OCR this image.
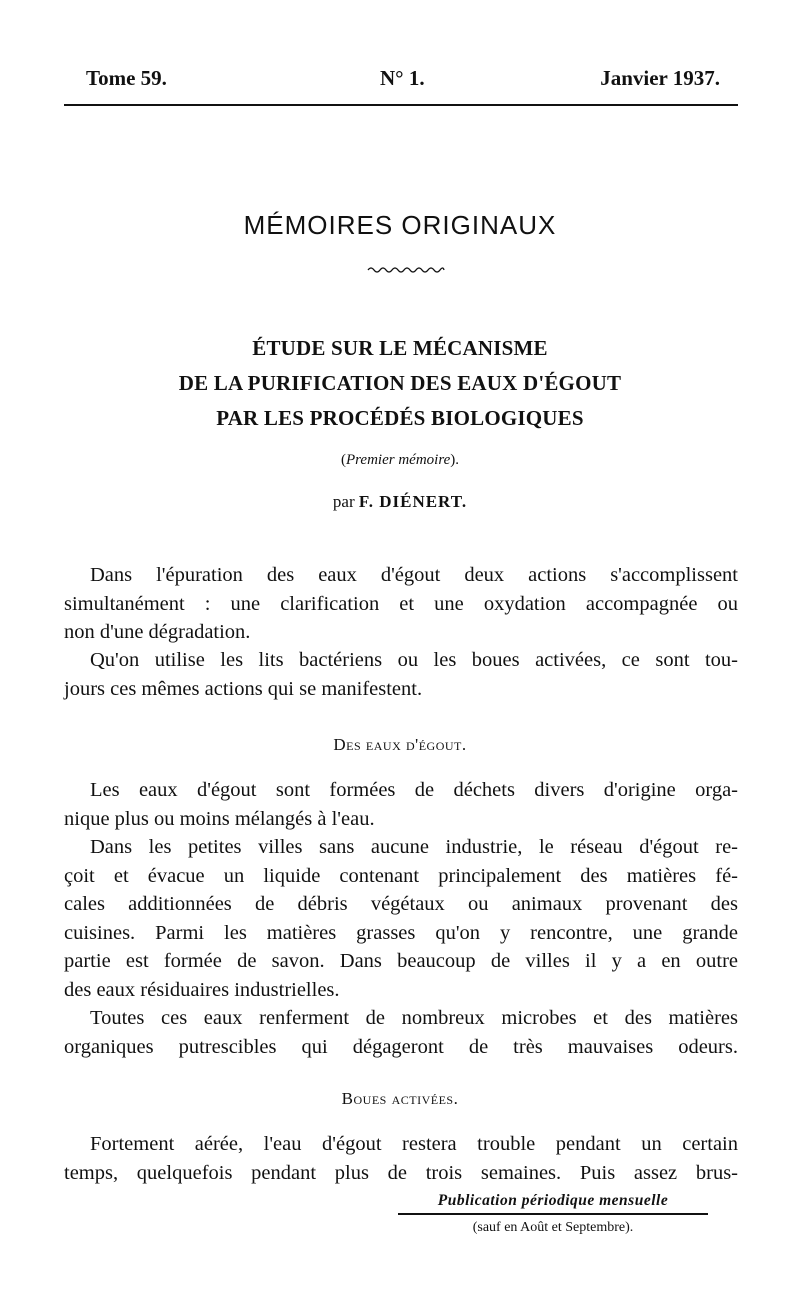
Tome 59.	N° 1.	Janvier 1937.
MÉMOIRES ORIGINAUX
ÉTUDE SUR LE MÉCANISME
DE LA PURIFICATION DES EAUX D'ÉGOUT
PAR LES PROCÉDÉS BIOLOGIQUES
(Premier mémoire).
par F. DIÉNERT.
Dans l'épuration des eaux d'égout deux actions s'accomplissent
simultanément : une clarification et une oxydation accompagnée ou
non d'une dégradation.
Qu'on utilise les lits bactériens ou les boues activées, ce sont tou-
jours ces mêmes actions qui se manifestent.
Des eaux d'égout.
Les eaux d'égout sont formées de déchets divers d'origine orga-
nique plus ou moins mélangés à l'eau.
Dans les petites villes sans aucune industrie, le réseau d'égout re-
çoit et évacue un liquide contenant principalement des matières fé-
cales additionnées de débris végétaux ou animaux provenant des
cuisines. Parmi les matières grasses qu'on y rencontre, une grande
partie est formée de savon. Dans beaucoup de villes il y a en outre
des eaux résiduaires industrielles.
Toutes ces eaux renferment de nombreux microbes et des matières
organiques putrescibles qui dégageront de très mauvaises odeurs.
Boues activées.
Fortement aérée, l'eau d'égout restera trouble pendant un certain
temps, quelquefois pendant plus de trois semaines. Puis assez brus-
Publication périodique mensuelle
(sauf en Août et Septembre).
